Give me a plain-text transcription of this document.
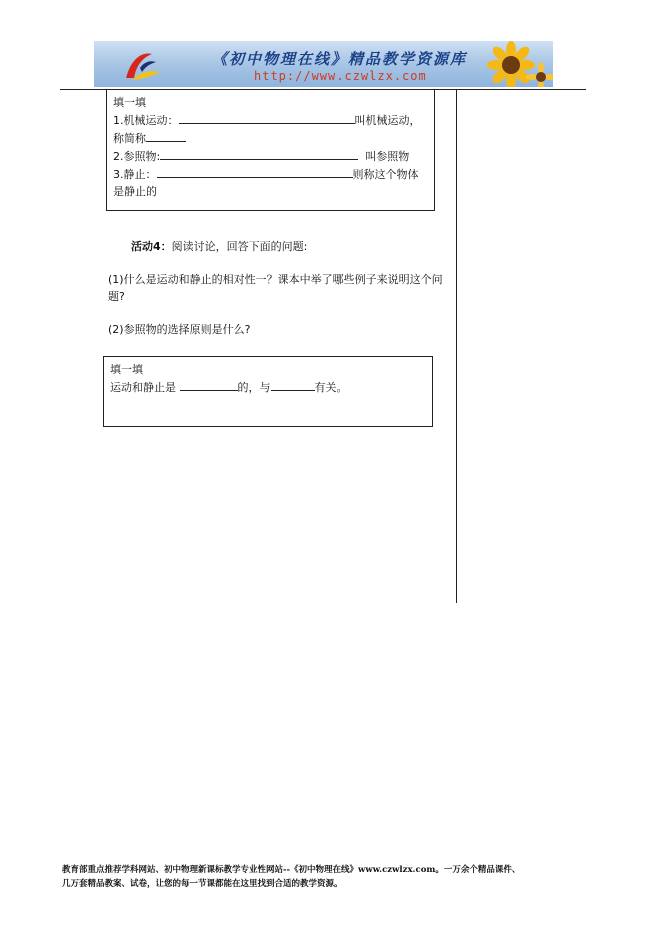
《初中物理在线》精品教学资源库
http://www.czwlzx.com
填一填
1.机械运动：	叫机械运动，
称简称
2.参照物:	叫参照物
3.静止：	则称这个物体
是静止的
活动4：阅读讨论，回答下面的问题:
(1)什么是运动和静止的相对性一？课本中举了哪些例子来说明这个问题?
(2)参照物的选择原则是什么?
填一填
运动和静止是	的，与	有关。
教育部重点推荐学科网站、初中物理新课标教学专业性网站--《初中物理在线》www.czwlzx.com。一万余个精品课件、
几万套精品教案、试卷，让您的每一节课都能在这里找到合适的教学资源。
